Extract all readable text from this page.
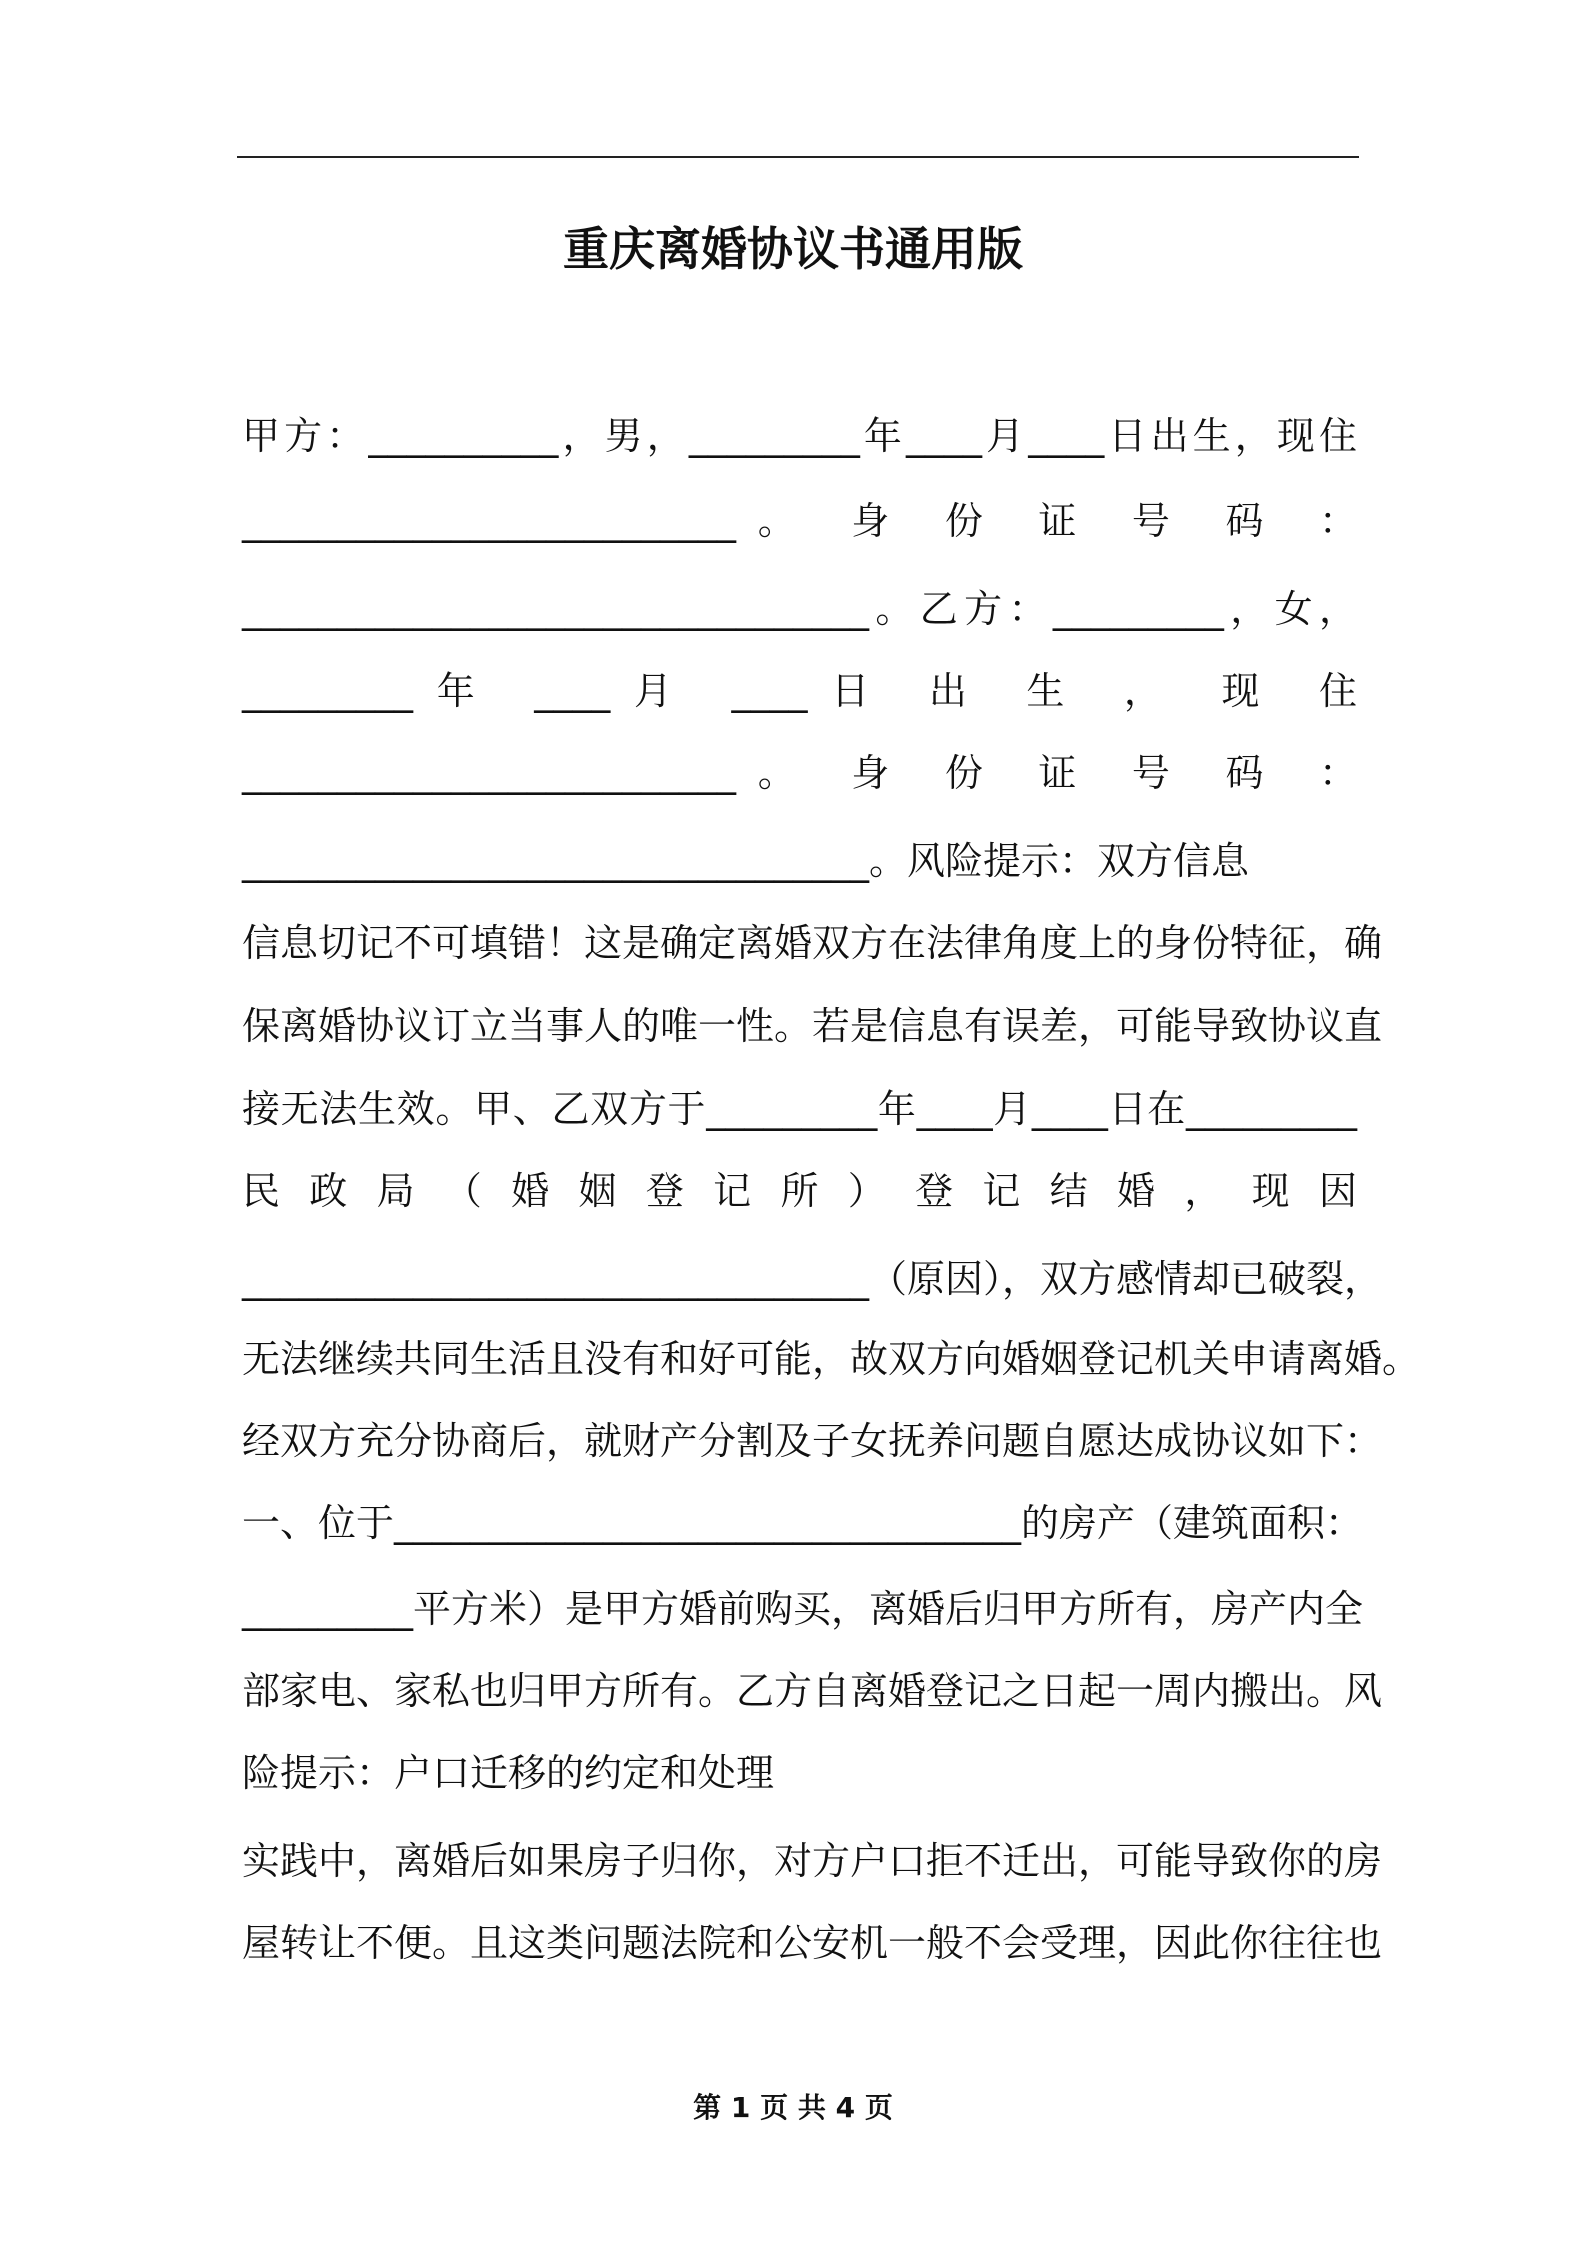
重庆离婚协议书通用版
甲方：__________，男，_________年____月____日出生，现住
__________________________。 身 份 证 号 码 ：
_________________________________。乙方：_________，女，
_________年 ____月 ____日 出 生 ， 现 住
__________________________。 身 份 证 号 码 ：
_________________________________。风险提示：双方信息
信息切记不可填错！这是确定离婚双方在法律角度上的身份特征，确
保离婚协议订立当事人的唯一性。若是信息有误差，可能导致协议直
接无法生效。甲、乙双方于_________年____月____日在_________
民 政 局 （ 婚 姻 登 记 所 ） 登 记 结 婚 ， 现 因
_________________________________（原因），双方感情却已破裂，
无法继续共同生活且没有和好可能，故双方向婚姻登记机关申请离婚。
经双方充分协商后，就财产分割及子女抚养问题自愿达成协议如下：
一、位于_________________________________的房产（建筑面积：
_________平方米）是甲方婚前购买，离婚后归甲方所有，房产内全
部家电、家私也归甲方所有。乙方自离婚登记之日起一周内搬出。风
险提示：户口迁移的约定和处理
实践中，离婚后如果房子归你，对方户口拒不迁出，可能导致你的房
屋转让不便。且这类问题法院和公安机一般不会受理，因此你往往也
第 1 页 共 4 页
